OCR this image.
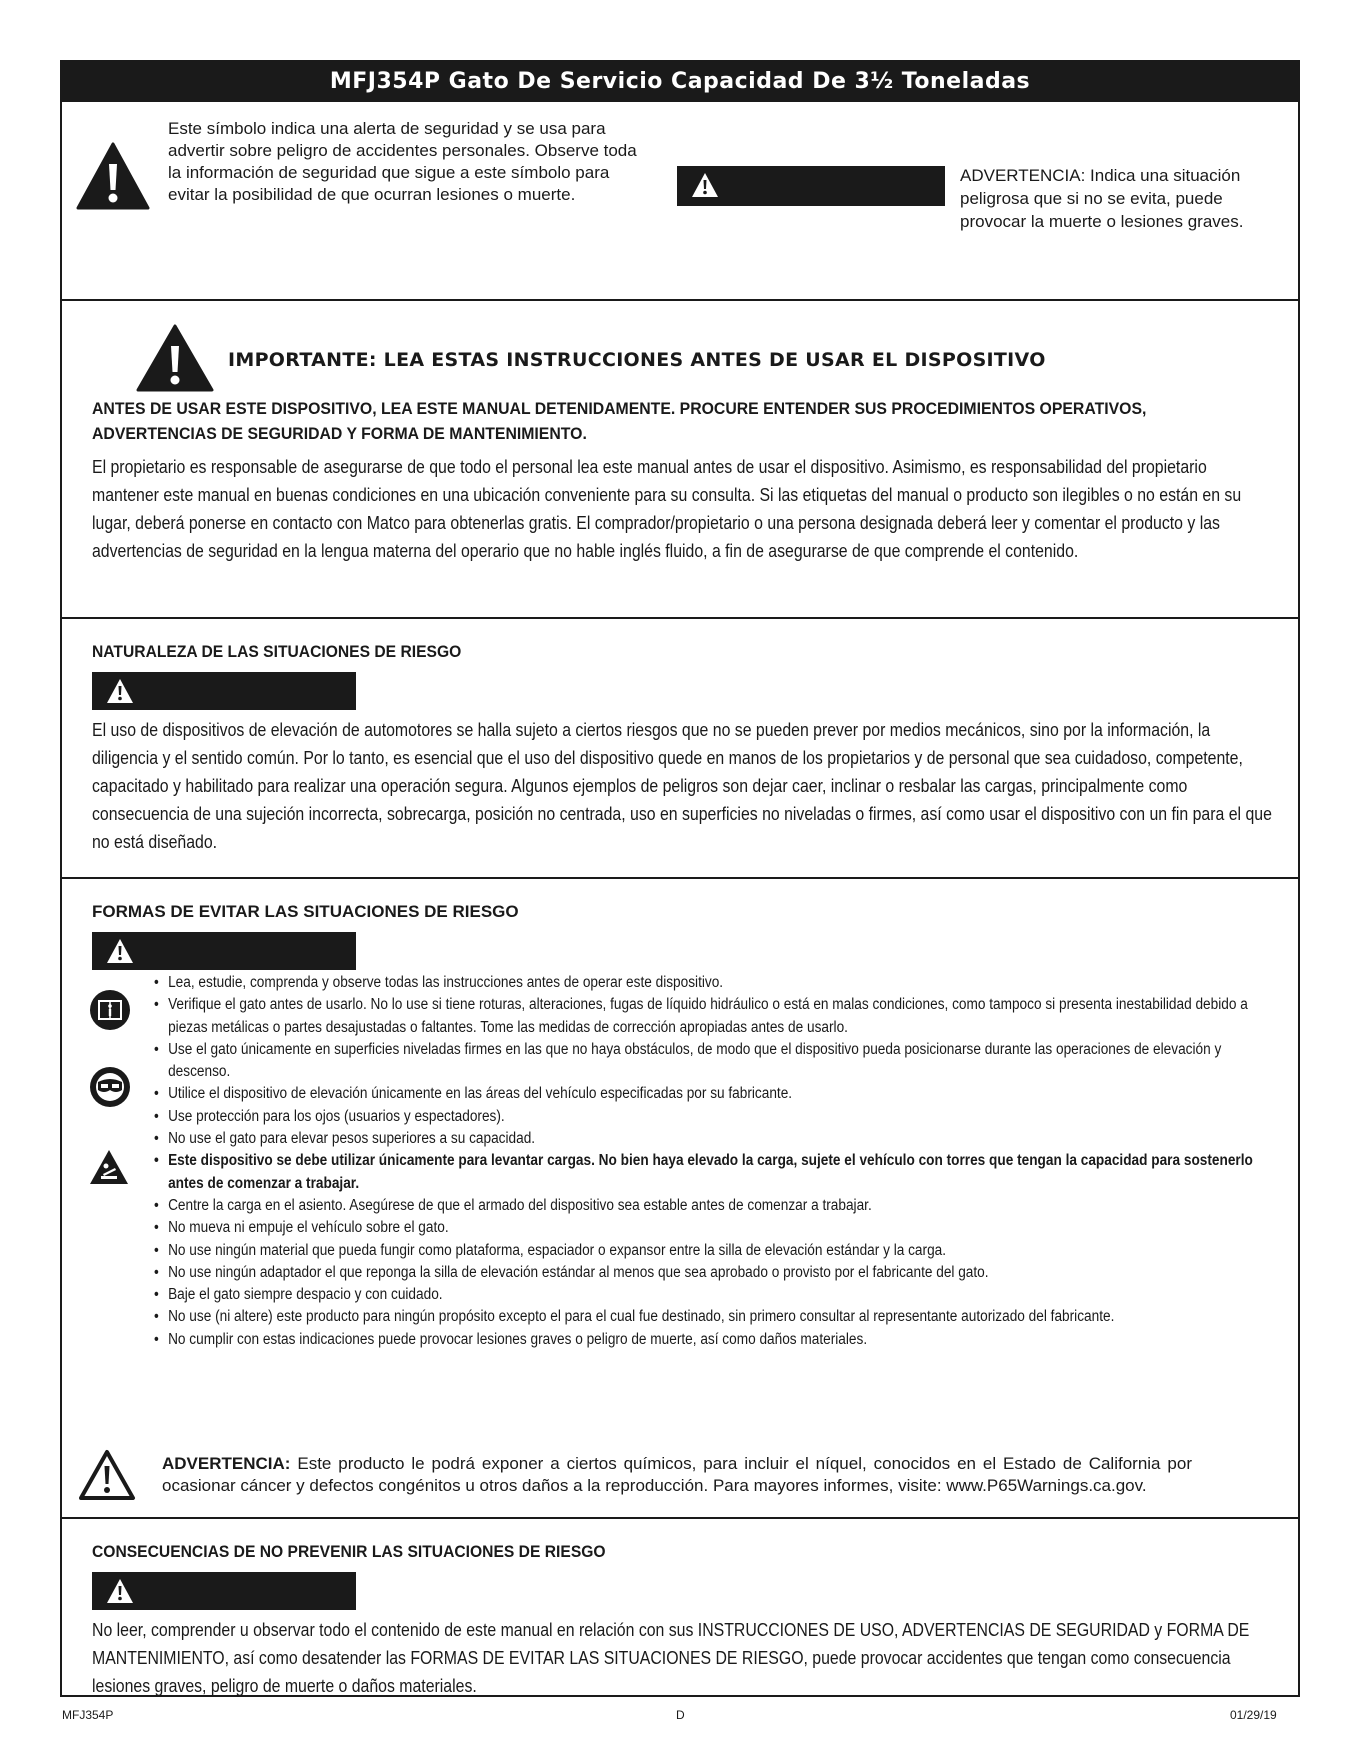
MFJ354P Gato De Servicio Capacidad De 3½ Toneladas
Este símbolo indica una alerta de seguridad y se usa para advertir sobre peligro de accidentes personales. Observe toda la información de seguridad que sigue a este símbolo para evitar la posibilidad de que ocurran lesiones o muerte.
ADVERTENCIA: Indica una situación peligrosa que si no se evita, puede provocar la muerte o lesiones graves.
IMPORTANTE: LEA ESTAS INSTRUCCIONES ANTES DE USAR EL DISPOSITIVO
ANTES DE USAR ESTE DISPOSITIVO, LEA ESTE MANUAL DETENIDAMENTE. PROCURE ENTENDER SUS PROCEDIMIENTOS OPERATIVOS, ADVERTENCIAS DE SEGURIDAD Y FORMA DE MANTENIMIENTO.
El propietario es responsable de asegurarse de que todo el personal lea este manual antes de usar el dispositivo. Asimismo, es responsabilidad del propietario mantener este manual en buenas condiciones en una ubicación conveniente para su consulta. Si las etiquetas del manual o producto son ilegibles o no están en su lugar, deberá ponerse en contacto con Matco para obtenerlas gratis. El comprador/propietario o una persona designada deberá leer y comentar el producto y las advertencias de seguridad en la lengua materna del operario que no hable inglés fluido, a fin de asegurarse de que comprende el contenido.
NATURALEZA DE LAS SITUACIONES DE RIESGO
El uso de dispositivos de elevación de automotores se halla sujeto a ciertos riesgos que no se pueden prever por medios mecánicos, sino por la información, la diligencia y el sentido común. Por lo tanto, es esencial que el uso del dispositivo quede en manos de los propietarios y de personal que sea cuidadoso, competente, capacitado y habilitado para realizar una operación segura. Algunos ejemplos de peligros son dejar caer, inclinar o resbalar las cargas, principalmente como consecuencia de una sujeción incorrecta, sobrecarga, posición no centrada, uso en superficies no niveladas o firmes, así como usar el dispositivo con un fin para el que no está diseñado.
FORMAS DE EVITAR LAS SITUACIONES DE RIESGO
• Lea, estudie, comprenda y observe todas las instrucciones antes de operar este dispositivo.
• Verifique el gato antes de usarlo. No lo use si tiene roturas, alteraciones, fugas de líquido hidráulico o está en malas condiciones, como tampoco si presenta inestabilidad debido a piezas metálicas o partes desajustadas o faltantes. Tome las medidas de corrección apropiadas antes de usarlo.
• Use el gato únicamente en superficies niveladas firmes en las que no haya obstáculos, de modo que el dispositivo pueda posicionarse durante las operaciones de elevación y descenso.
• Utilice el dispositivo de elevación únicamente en las áreas del vehículo especificadas por su fabricante.
• Use protección para los ojos (usuarios y espectadores).
• No use el gato para elevar pesos superiores a su capacidad.
• Este dispositivo se debe utilizar únicamente para levantar cargas. No bien haya elevado la carga, sujete el vehículo con torres que tengan la capacidad para sostenerlo antes de comenzar a trabajar.
• Centre la carga en el asiento. Asegúrese de que el armado del dispositivo sea estable antes de comenzar a trabajar.
• No mueva ni empuje el vehículo sobre el gato.
• No use ningún material que pueda fungir como plataforma, espaciador o expansor entre la silla de elevación estándar y la carga.
• No use ningún adaptador el que reponga la silla de elevación estándar al menos que sea aprobado o provisto por el fabricante del gato.
• Baje el gato siempre despacio y con cuidado.
• No use (ni altere) este producto para ningún propósito excepto el para el cual fue destinado, sin primero consultar al representante autorizado del fabricante.
• No cumplir con estas indicaciones puede provocar lesiones graves o peligro de muerte, así como daños materiales.
ADVERTENCIA: Este producto le podrá exponer a ciertos químicos, para incluir el níquel, conocidos en el Estado de California por ocasionar cáncer y defectos congénitos u otros daños a la reproducción. Para mayores informes, visite: www.P65Warnings.ca.gov.
CONSECUENCIAS DE NO PREVENIR LAS SITUACIONES DE RIESGO
No leer, comprender u observar todo el contenido de este manual en relación con sus INSTRUCCIONES DE USO, ADVERTENCIAS DE SEGURIDAD y FORMA DE MANTENIMIENTO, así como desatender las FORMAS DE EVITAR LAS SITUACIONES DE RIESGO, puede provocar accidentes que tengan como consecuencia lesiones graves, peligro de muerte o daños materiales.
MFJ354P	D	01/29/19
